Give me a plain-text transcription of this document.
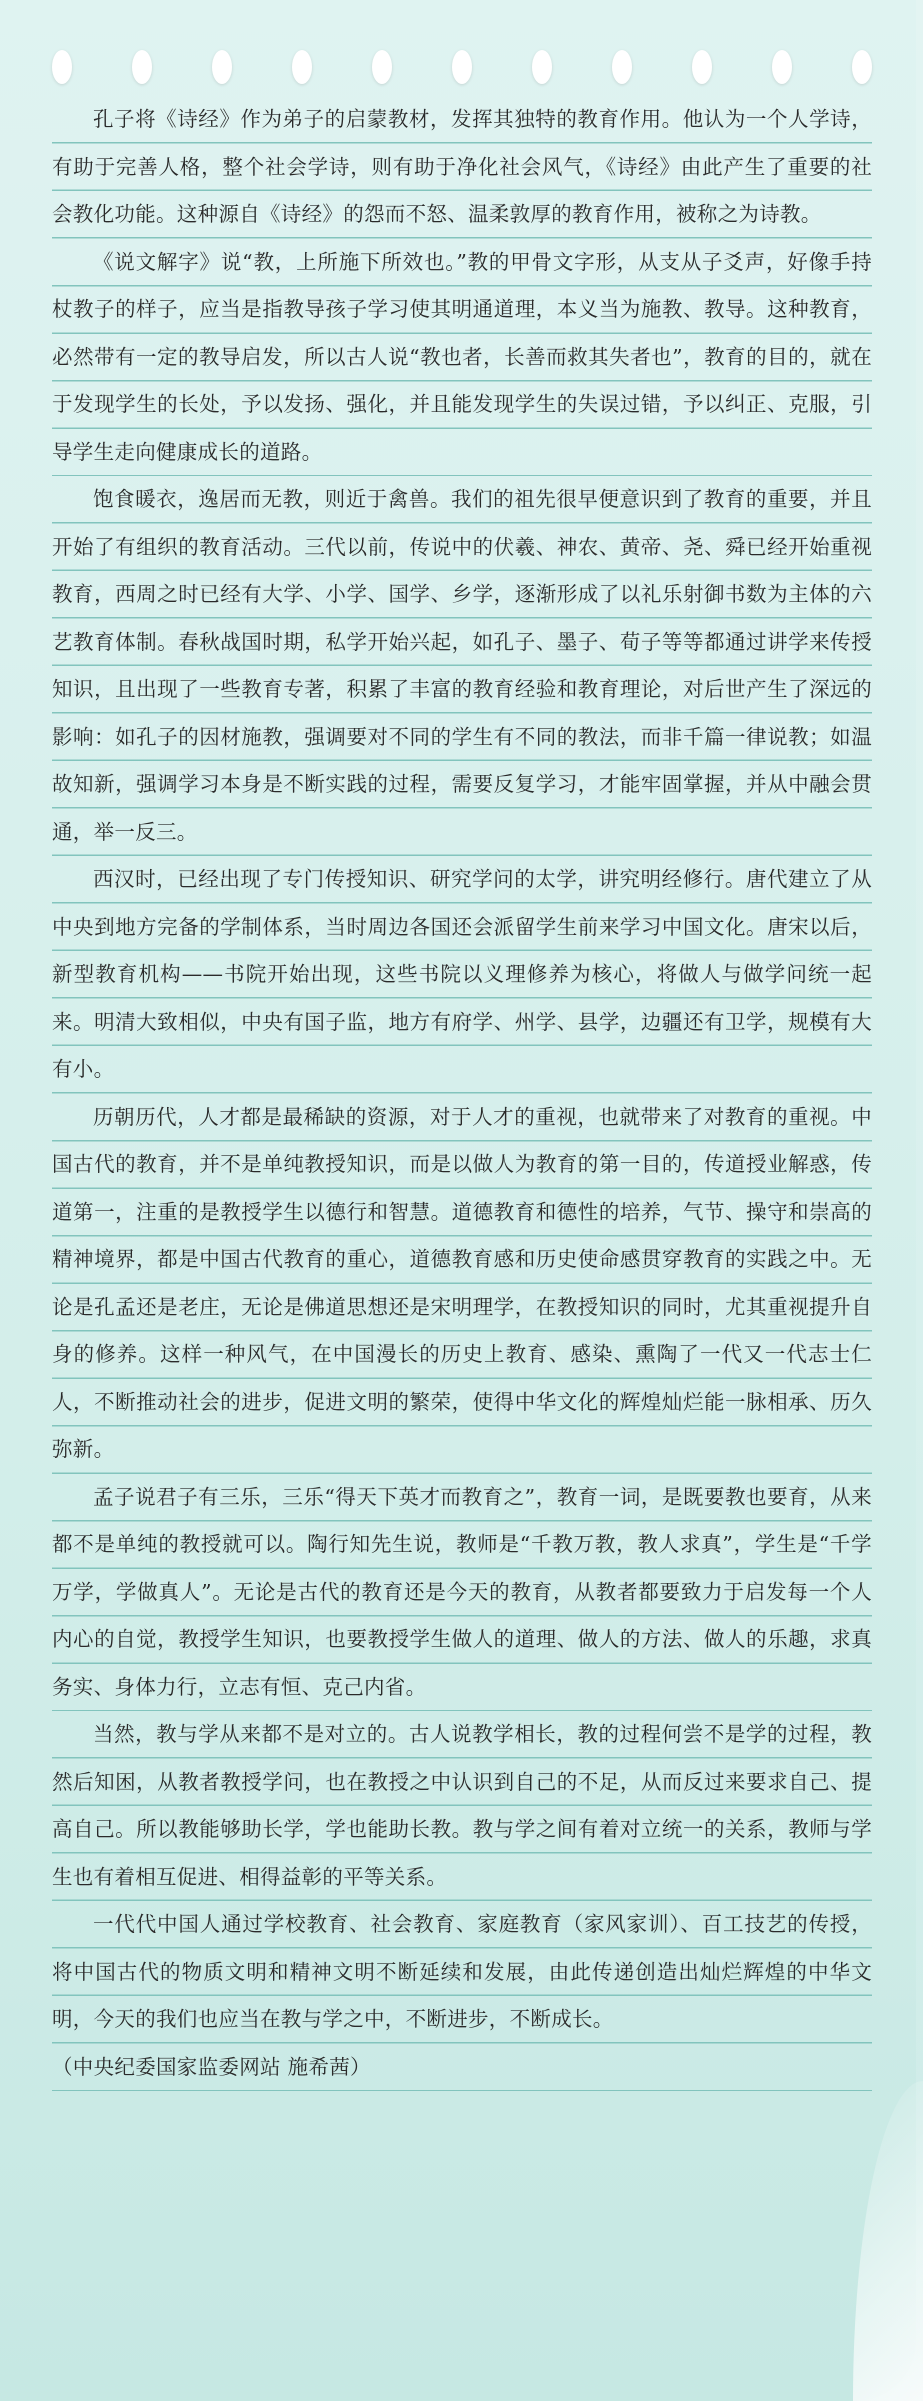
孔子将《诗经》作为弟子的启蒙教材，发挥其独特的教育作用。他认为一个人学诗，有助于完善人格，整个社会学诗，则有助于净化社会风气，《诗经》由此产生了重要的社会教化功能。这种源自《诗经》的怨而不怒、温柔敦厚的教育作用，被称之为诗教。

《说文解字》说“教，上所施下所效也。”教的甲骨文字形，从支从子爻声，好像手持杖教子的样子，应当是指教导孩子学习使其明通道理，本义当为施教、教导。这种教育，必然带有一定的教导启发，所以古人说“教也者，长善而救其失者也”，教育的目的，就在于发现学生的长处，予以发扬、强化，并且能发现学生的失误过错，予以纠正、克服，引导学生走向健康成长的道路。

饱食暖衣，逸居而无教，则近于禽兽。我们的祖先很早便意识到了教育的重要，并且开始了有组织的教育活动。三代以前，传说中的伏羲、神农、黄帝、尧、舜已经开始重视教育，西周之时已经有大学、小学、国学、乡学，逐渐形成了以礼乐射御书数为主体的六艺教育体制。春秋战国时期，私学开始兴起，如孔子、墨子、荀子等等都通过讲学来传授知识，且出现了一些教育专著，积累了丰富的教育经验和教育理论，对后世产生了深远的影响：如孔子的因材施教，强调要对不同的学生有不同的教法，而非千篇一律说教；如温故知新，强调学习本身是不断实践的过程，需要反复学习，才能牢固掌握，并从中融会贯通，举一反三。

西汉时，已经出现了专门传授知识、研究学问的太学，讲究明经修行。唐代建立了从中央到地方完备的学制体系，当时周边各国还会派留学生前来学习中国文化。唐宋以后，新型教育机构——书院开始出现，这些书院以义理修养为核心，将做人与做学问统一起来。明清大致相似，中央有国子监，地方有府学、州学、县学，边疆还有卫学，规模有大有小。

历朝历代，人才都是最稀缺的资源，对于人才的重视，也就带来了对教育的重视。中国古代的教育，并不是单纯教授知识，而是以做人为教育的第一目的，传道授业解惑，传道第一，注重的是教授学生以德行和智慧。道德教育和德性的培养，气节、操守和崇高的精神境界，都是中国古代教育的重心，道德教育感和历史使命感贯穿教育的实践之中。无论是孔孟还是老庄，无论是佛道思想还是宋明理学，在教授知识的同时，尤其重视提升自身的修养。这样一种风气，在中国漫长的历史上教育、感染、熏陶了一代又一代志士仁人，不断推动社会的进步，促进文明的繁荣，使得中华文化的辉煌灿烂能一脉相承、历久弥新。

孟子说君子有三乐，三乐“得天下英才而教育之”，教育一词，是既要教也要育，从来都不是单纯的教授就可以。陶行知先生说，教师是“千教万教，教人求真”，学生是“千学万学，学做真人”。无论是古代的教育还是今天的教育，从教者都要致力于启发每一个人内心的自觉，教授学生知识，也要教授学生做人的道理、做人的方法、做人的乐趣，求真务实、身体力行，立志有恒、克己内省。

当然，教与学从来都不是对立的。古人说教学相长，教的过程何尝不是学的过程，教然后知困，从教者教授学问，也在教授之中认识到自己的不足，从而反过来要求自己、提高自己。所以教能够助长学，学也能助长教。教与学之间有着对立统一的关系，教师与学生也有着相互促进、相得益彰的平等关系。

一代代中国人通过学校教育、社会教育、家庭教育（家风家训）、百工技艺的传授，将中国古代的物质文明和精神文明不断延续和发展，由此传递创造出灿烂辉煌的中华文明，今天的我们也应当在教与学之中，不断进步，不断成长。

（中央纪委国家监委网站 施希茜）
